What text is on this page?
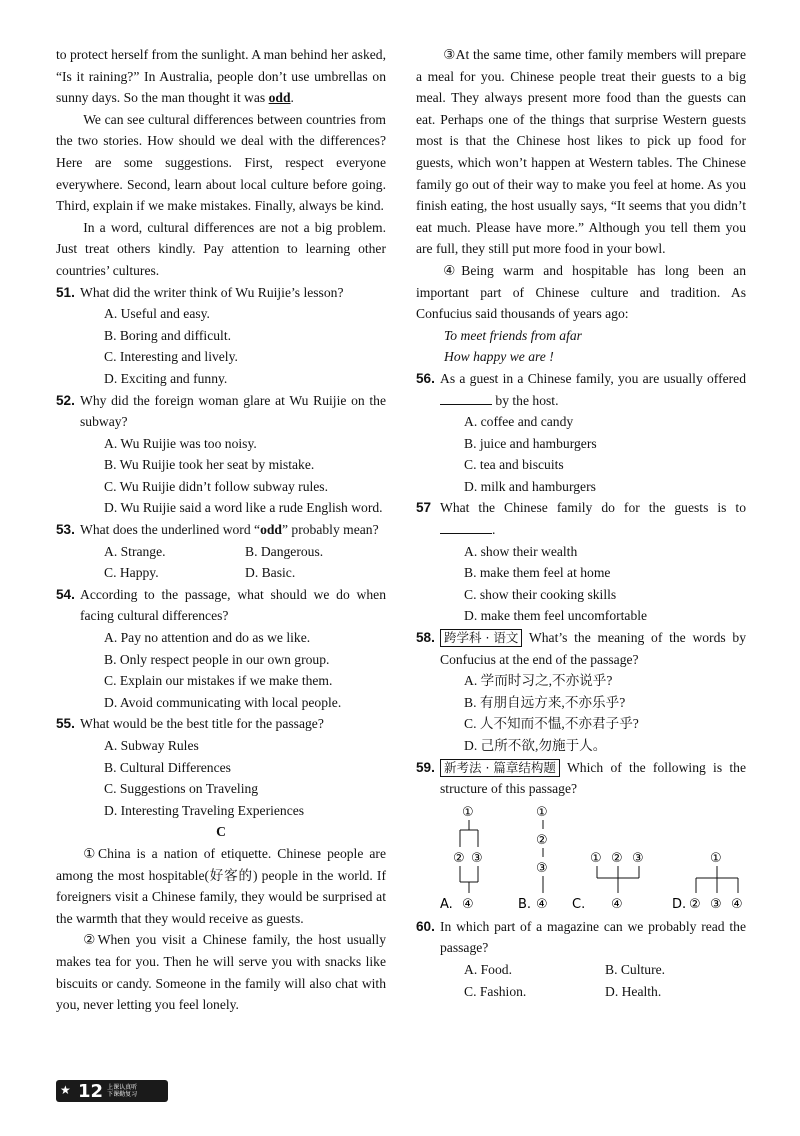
to protect herself from the sunlight. A man behind her asked, “Is it raining?” In Australia, people don’t use umbrellas on sunny days. So the man thought it was odd.

We can see cultural differences between countries from the two stories. How should we deal with the differences? Here are some suggestions. First, respect everyone everywhere. Second, learn about local culture before going. Third, explain if we make mistakes. Finally, always be kind.

In a word, cultural differences are not a big problem. Just treat others kindly. Pay attention to learning other countries’ cultures.

51. What did the writer think of Wu Ruijie’s lesson?
A. Useful and easy.
B. Boring and difficult.
C. Interesting and lively.
D. Exciting and funny.
52. Why did the foreign woman glare at Wu Ruijie on the subway?
A. Wu Ruijie was too noisy.
B. Wu Ruijie took her seat by mistake.
C. Wu Ruijie didn’t follow subway rules.
D. Wu Ruijie said a word like a rude English word.
53. What does the underlined word “odd” probably mean?
A. Strange.	B. Dangerous.
C. Happy.	D. Basic.
54. According to the passage, what should we do when facing cultural differences?
A. Pay no attention and do as we like.
B. Only respect people in our own group.
C. Explain our mistakes if we make them.
D. Avoid communicating with local people.
55. What would be the best title for the passage?
A. Subway Rules
B. Cultural Differences
C. Suggestions on Traveling
D. Interesting Traveling Experiences
C

①China is a nation of etiquette. Chinese people are among the most hospitable(好客的) people in the world. If foreigners visit a Chinese family, they would be surprised at the warmth that they would receive as guests.

②When you visit a Chinese family, the host usually makes tea for you. Then he will serve you with snacks like biscuits or candy. Someone in the family will also chat with you, never letting you feel lonely.

③At the same time, other family members will prepare a meal for you. Chinese people treat their guests to a big meal. They always present more food than the guests can eat. Perhaps one of the things that surprise Western guests most is that the Chinese host likes to pick up food for guests, which won’t happen at Western tables. The Chinese family go out of their way to make you feel at home. As you finish eating, the host usually says, “It seems that you didn’t eat much. Please have more.” Although you tell them you are full, they still put more food in your bowl.

④Being warm and hospitable has long been an important part of Chinese culture and tradition. As Confucius said thousands of years ago:

To meet friends from afar
How happy we are !
56. As a guest in a Chinese family, you are usually offered  by the host.
A. coffee and candy
B. juice and hamburgers
C. tea and biscuits
D. milk and hamburgers
57 What the Chinese family do for the guests is to .
A. show their wealth
B. make them feel at home
C. show their cooking skills
D. make them feel uncomfortable
58. 跨学科 · 语文 What’s the meaning of the words by Confucius at the end of the passage?
A. 学而时习之,不亦说乎?
B. 有朋自远方来,不亦乐乎?
C. 人不知而不愠,不亦君子乎?
D. 己所不欲,勿施于人。
59. 新考法 · 篇章结构题 Which of the following is the structure of this passage?
A.
①
② ③
④	B.
①
②
③
④ C.
① ② ③
④	D.
①
② ③ ④
60. In which part of a magazine can we probably read the passage?
A. Food.	B. Culture.
C. Fashion.	D. Health.
★ 12 上课认真听
下课勤复习
